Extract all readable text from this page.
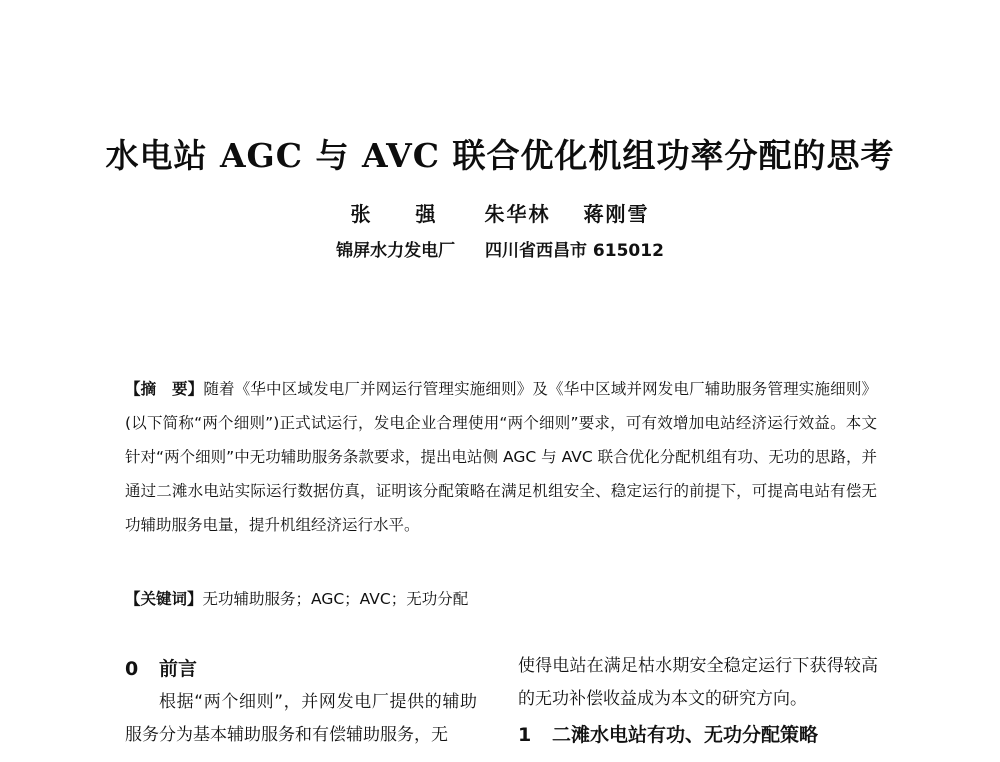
水电站 AGC 与 AVC 联合优化机组功率分配的思考
张 强 朱华林 蒋刚雪
锦屏水力发电厂 四川省西昌市 615012

【摘　要】随着《华中区域发电厂并网运行管理实施细则》及《华中区域并网发电厂辅助服务管理实施细则》(以下简称“两个细则”)正式试运行，发电企业合理使用“两个细则”要求，可有效增加电站经济运行效益。本文针对“两个细则”中无功辅助服务条款要求，提出电站侧 AGC 与 AVC 联合优化分配机组有功、无功的思路，并通过二滩水电站实际运行数据仿真，证明该分配策略在满足机组安全、稳定运行的前提下，可提高电站有偿无功辅助服务电量，提升机组经济运行水平。

【关键词】无功辅助服务；AGC；AVC；无功分配
0 前言

根据“两个细则”，并网发电厂提供的辅助服务分为基本辅助服务和有偿辅助服务，无

使得电站在满足枯水期安全稳定运行下获得较高的无功补偿收益成为本文的研究方向。

1 二滩水电站有功、无功分配策略
